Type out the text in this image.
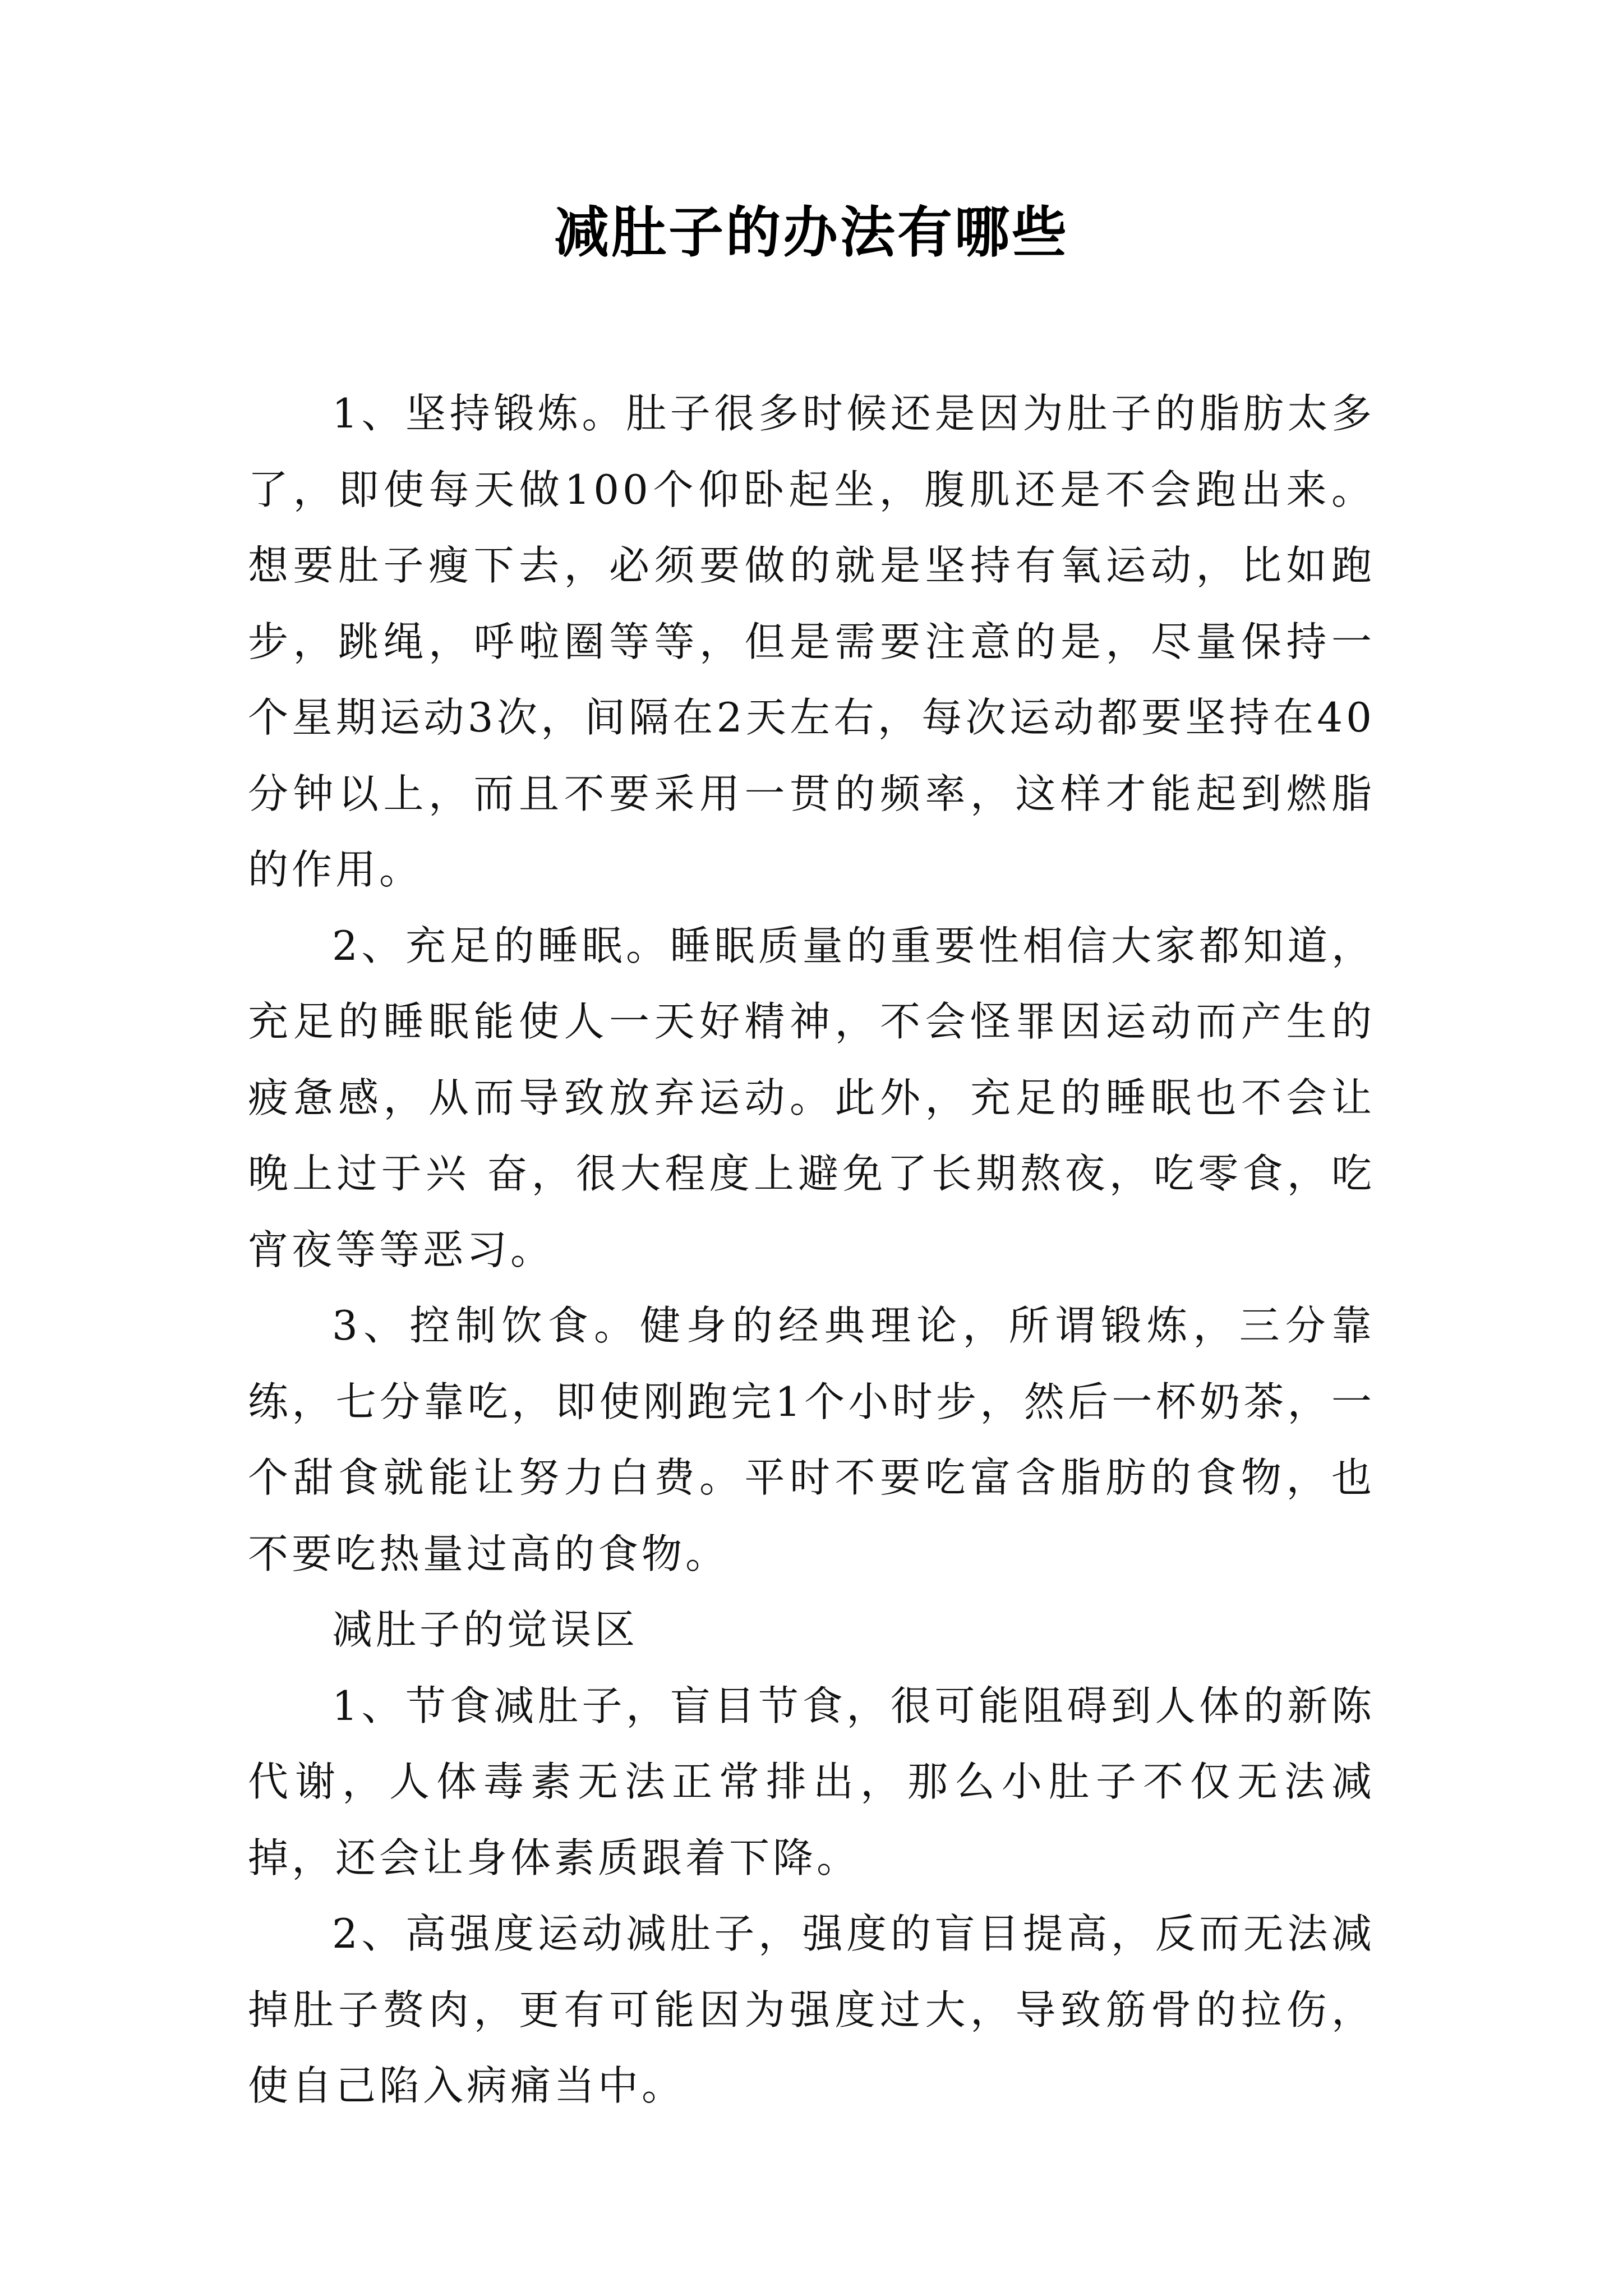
减肚子的办法有哪些

1、坚持锻炼。肚子很多时候还是因为肚子的脂肪太多了，即使每天做100个仰卧起坐，腹肌还是不会跑出来。想要肚子瘦下去，必须要做的就是坚持有氧运动，比如跑步，跳绳，呼啦圈等等，但是需要注意的是，尽量保持一个星期运动3次，间隔在2天左右，每次运动都要坚持在40分钟以上，而且不要采用一贯的频率，这样才能起到燃脂的作用。

2、充足的睡眠。睡眠质量的重要性相信大家都知道，充足的睡眠能使人一天好精神，不会怪罪因运动而产生的疲惫感，从而导致放弃运动。此外，充足的睡眠也不会让晚上过于兴 奋，很大程度上避免了长期熬夜，吃零食，吃宵夜等等恶习。

3、控制饮食。健身的经典理论，所谓锻炼，三分靠练，七分靠吃，即使刚跑完1个小时步，然后一杯奶茶，一个甜食就能让努力白费。平时不要吃富含脂肪的食物，也不要吃热量过高的食物。

减肚子的觉误区

1、节食减肚子，盲目节食，很可能阻碍到人体的新陈代谢，人体毒素无法正常排出，那么小肚子不仅无法减掉，还会让身体素质跟着下降。

2、高强度运动减肚子，强度的盲目提高，反而无法减掉肚子赘肉，更有可能因为强度过大，导致筋骨的拉伤，使自己陷入病痛当中。
